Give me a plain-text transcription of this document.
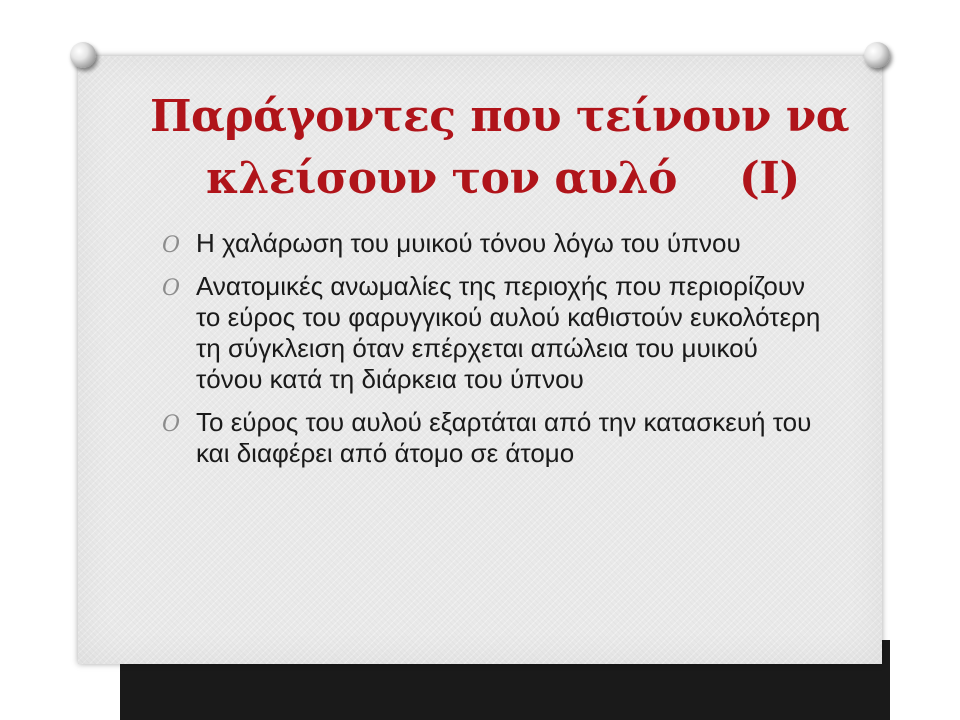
Παράγοντες που τείνουν να
κλείσουν τον αυλό (Ι)
O Η χαλάρωση του μυικού τόνου λόγω του ύπνου
O Ανατομικές ανωμαλίες της περιοχής που περιορίζουν το εύρος του φαρυγγικού αυλού καθιστούν ευκολότερη τη σύγκλειση όταν επέρχεται απώλεια του μυικού τόνου κατά τη διάρκεια του ύπνου
O Το εύρος του αυλού εξαρτάται από την κατασκευή του και διαφέρει από άτομο σε άτομο
